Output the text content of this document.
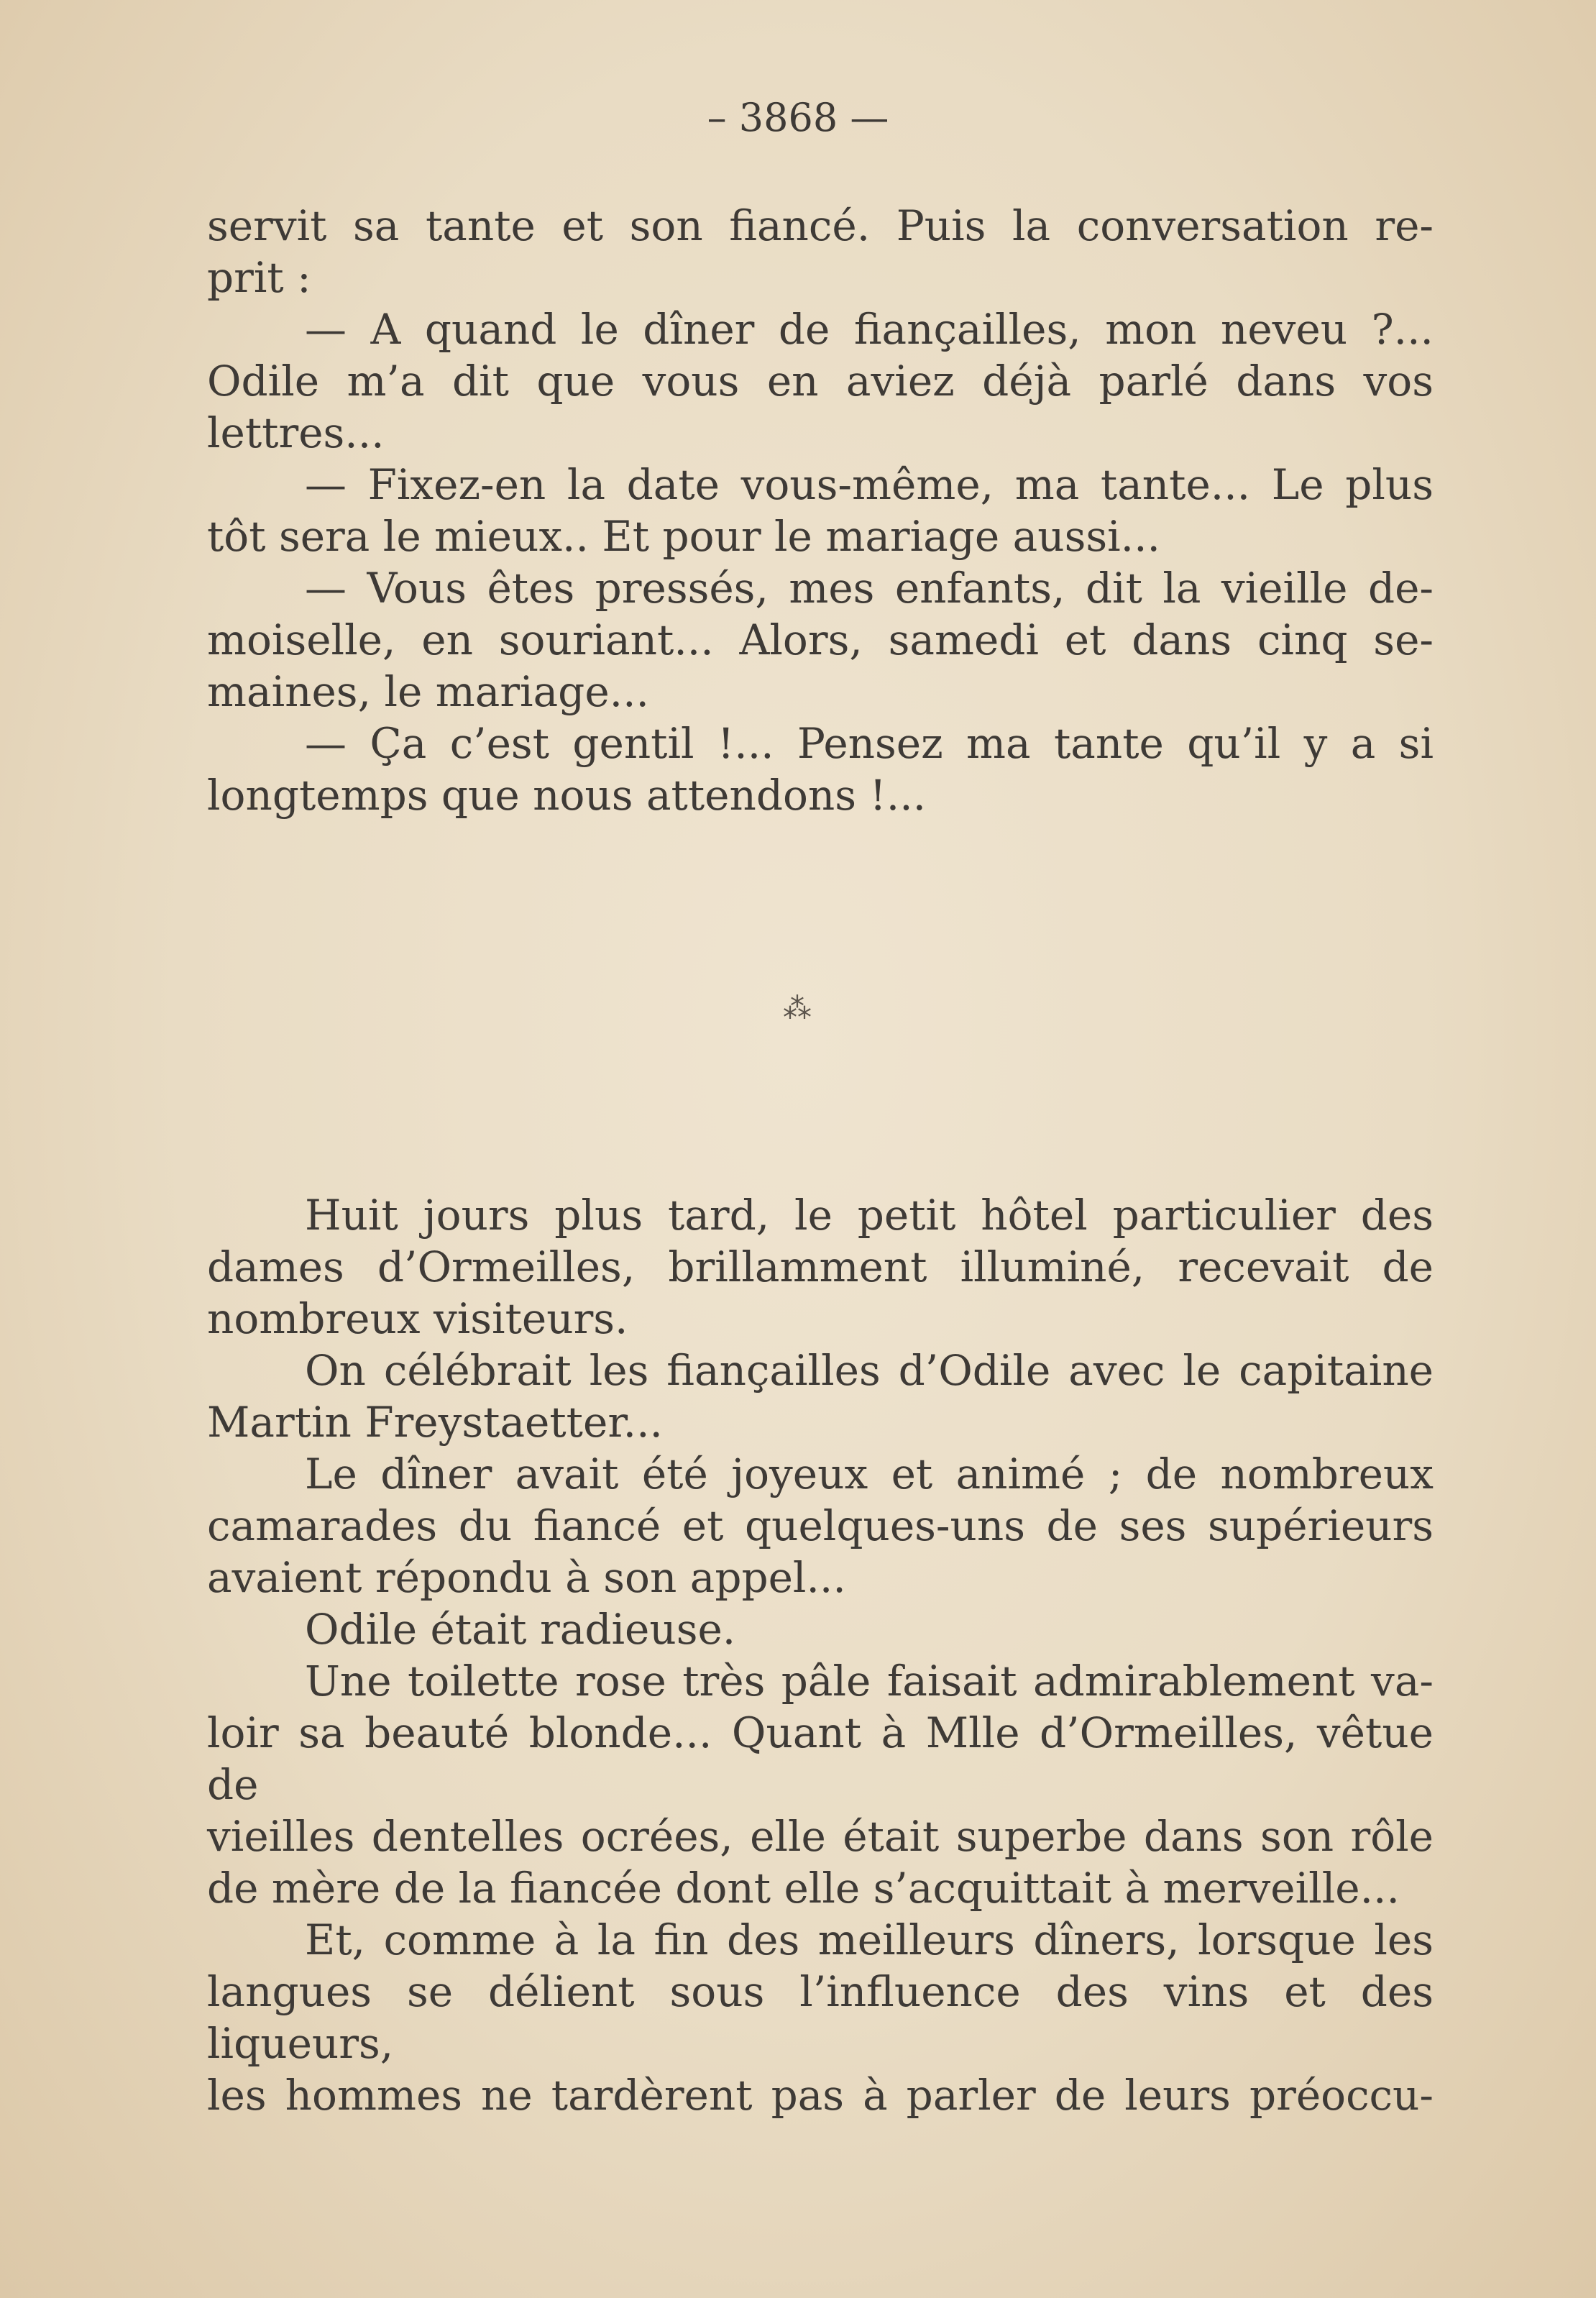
– 3868 —

servit sa tante et son fiancé. Puis la conversation re-

prit :

— A quand le dîner de fiançailles, mon neveu ?...

Odile m’a dit que vous en aviez déjà parlé dans vos

lettres...

— Fixez-en la date vous-même, ma tante... Le plus

tôt sera le mieux.. Et pour le mariage aussi...

— Vous êtes pressés, mes enfants, dit la vieille de-

moiselle, en souriant... Alors, samedi et dans cinq se-

maines, le mariage...

— Ça c’est gentil !... Pensez ma tante qu’il y a si

longtemps que nous attendons !...

⁂

Huit jours plus tard, le petit hôtel particulier des

dames d’Ormeilles, brillamment illuminé, recevait de

nombreux visiteurs.

On célébrait les fiançailles d’Odile avec le capitaine

Martin Freystaetter...

Le dîner avait été joyeux et animé ; de nombreux

camarades du fiancé et quelques-uns de ses supérieurs

avaient répondu à son appel...

Odile était radieuse.

Une toilette rose très pâle faisait admirablement va-

loir sa beauté blonde... Quant à Mlle d’Ormeilles, vêtue de

vieilles dentelles ocrées, elle était superbe dans son rôle

de mère de la fiancée dont elle s’acquittait à merveille...

Et, comme à la fin des meilleurs dîners, lorsque les

langues se délient sous l’influence des vins et des liqueurs,

les hommes ne tardèrent pas à parler de leurs préoccu-
